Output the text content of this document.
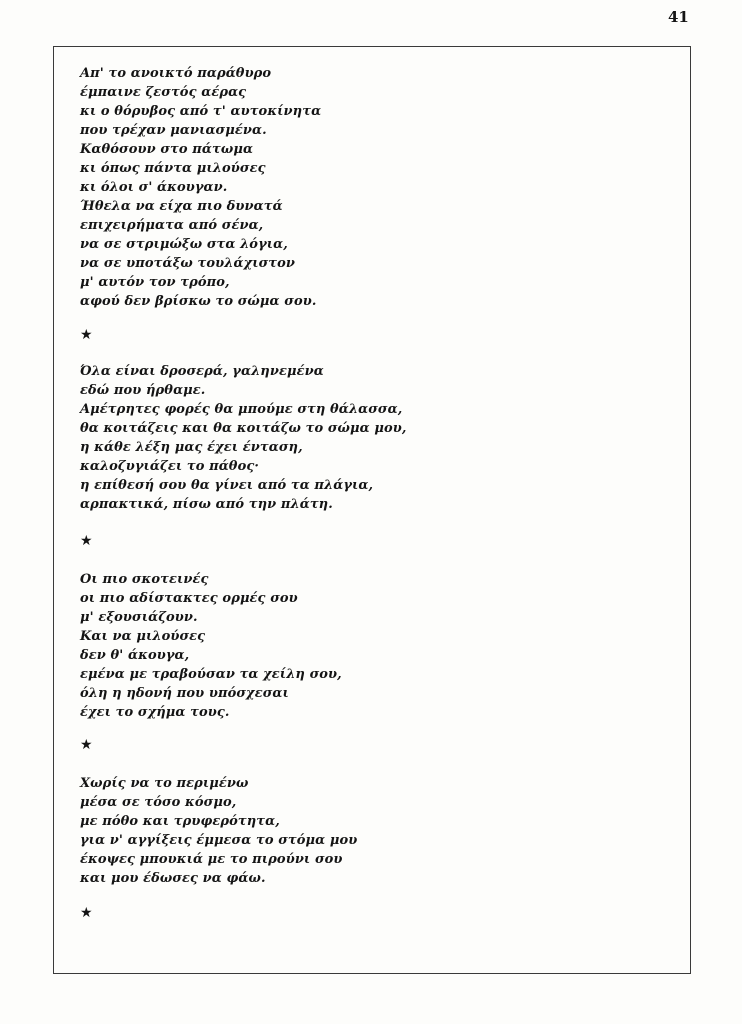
41
Απ' το ανοικτό παράθυρο
έμπαινε ζεστός αέρας
κι ο θόρυβος από τ' αυτοκίνητα
που τρέχαν μανιασμένα.
Καθόσουν στο πάτωμα
κι όπως πάντα μιλούσες
κι όλοι σ' άκουγαν.
Ήθελα να είχα πιο δυνατά
επιχειρήματα από σένα,
να σε στριμώξω στα λόγια,
να σε υποτάξω τουλάχιστον
μ' αυτόν τον τρόπο,
αφού δεν βρίσκω το σώμα σου.
★
Όλα είναι δροσερά, γαληνεμένα
εδώ που ήρθαμε.
Αμέτρητες φορές θα μπούμε στη θάλασσα,
θα κοιτάζεις και θα κοιτάζω το σώμα μου,
η κάθε λέξη μας έχει ένταση,
καλοζυγιάζει το πάθος·
η επίθεσή σου θα γίνει από τα πλάγια,
αρπακτικά, πίσω από την πλάτη.
★
Οι πιο σκοτεινές
οι πιο αδίστακτες ορμές σου
μ' εξουσιάζουν.
Και να μιλούσες
δεν θ' άκουγα,
εμένα με τραβούσαν τα χείλη σου,
όλη η ηδονή που υπόσχεσαι
έχει το σχήμα τους.
★
Χωρίς να το περιμένω
μέσα σε τόσο κόσμο,
με πόθο και τρυφερότητα,
για ν' αγγίξεις έμμεσα το στόμα μου
έκοψες μπουκιά με το πιρούνι σου
και μου έδωσες να φάω.
★
